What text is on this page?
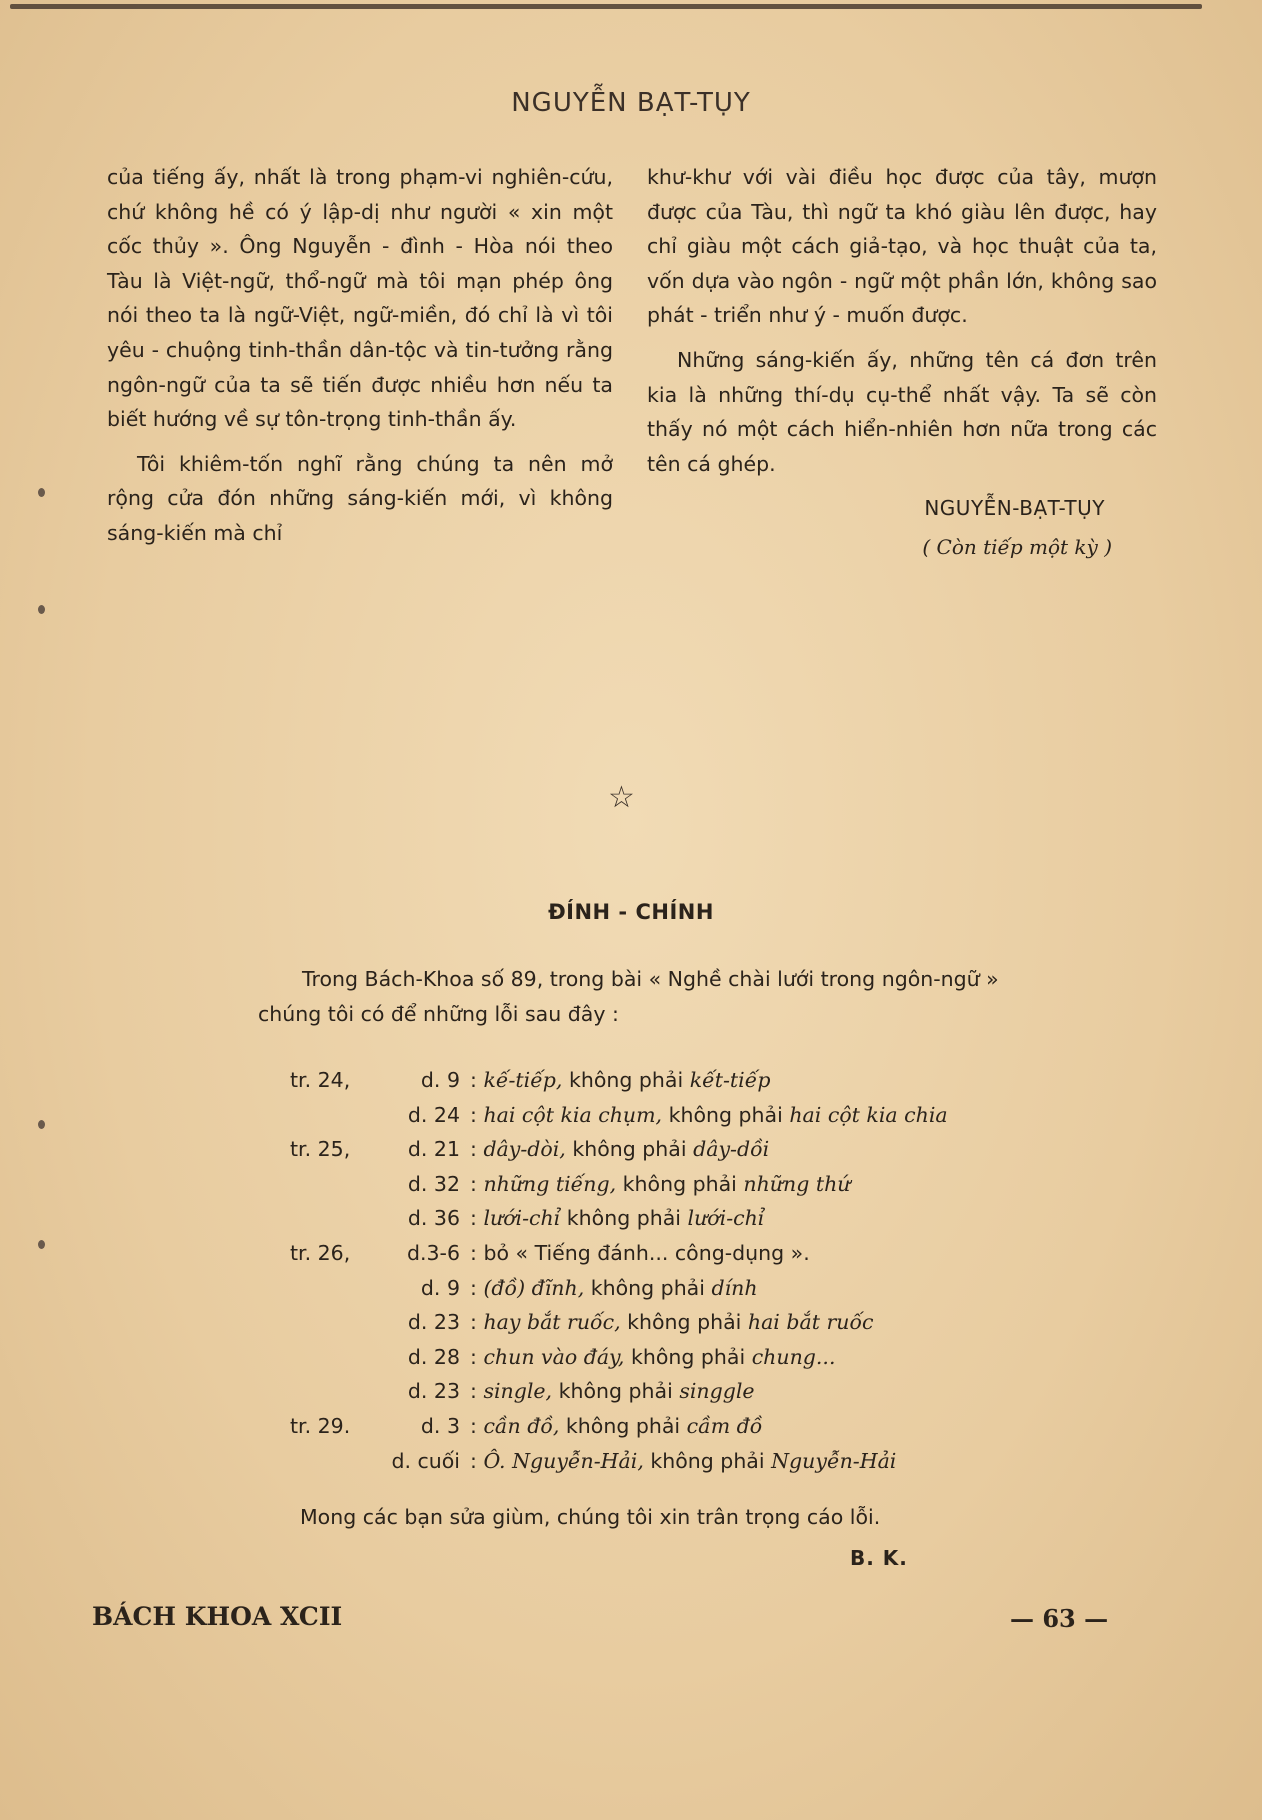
NGUYỄN BẠT-TỤY

của tiếng ấy, nhất là trong phạm-vi nghiên-cứu, chứ không hề có ý lập-dị như người « xin một cốc thủy ». Ông Nguyễn - đình - Hòa nói theo Tàu là Việt-ngữ, thổ-ngữ mà tôi mạn phép ông nói theo ta là ngữ-Việt, ngữ-miền, đó chỉ là vì tôi yêu - chuộng tinh-thần dân-tộc và tin-tưởng rằng ngôn-ngữ của ta sẽ tiến được nhiều hơn nếu ta biết hướng về sự tôn-trọng tinh-thần ấy.

Tôi khiêm-tốn nghĩ rằng chúng ta nên mở rộng cửa đón những sáng-kiến mới, vì không sáng-kiến mà chỉ

khư-khư với vài điều học được của tây, mượn được của Tàu, thì ngữ ta khó giàu lên được, hay chỉ giàu một cách giả-tạo, và học thuật của ta, vốn dựa vào ngôn - ngữ một phần lớn, không sao phát - triển như ý - muốn được.

Những sáng-kiến ấy, những tên cá đơn trên kia là những thí-dụ cụ-thể nhất vậy. Ta sẽ còn thấy nó một cách hiển-nhiên hơn nữa trong các tên cá ghép.

NGUYỄN-BẠT-TỤY
( Còn tiếp một kỳ )
☆
ĐÍNH - CHÍNH
Trong Bách-Khoa số 89, trong bài « Nghề chài lưới trong ngôn-ngữ »
chúng tôi có để những lỗi sau đây :
tr. 24,	d. 9 : kế-tiếp, không phải kết-tiếp
d. 24 : hai cột kia chụm, không phải hai cột kia chia
tr. 25,	d. 21 : dây-dòi, không phải dây-dồi
d. 32 : những tiếng, không phải những thứ
d. 36 : lưới-chỉ không phải lưới-chỉ
tr. 26,	d.3-6 : bỏ « Tiếng đánh... công-dụng ».
d. 9 : (đồ) đĩnh, không phải dính
d. 23 : hay bắt ruốc, không phải hai bắt ruốc
d. 28 : chun vào đáy, không phải chung...
d. 23 : single, không phải singgle
tr. 29.	d. 3 : cần đồ, không phải cầm đồ
d. cuối : Ô. Nguyễn-Hải, không phải Nguyễn-Hải
Mong các bạn sửa giùm, chúng tôi xin trân trọng cáo lỗi.
B. K.
BÁCH KHOA XCII	— 63 —
